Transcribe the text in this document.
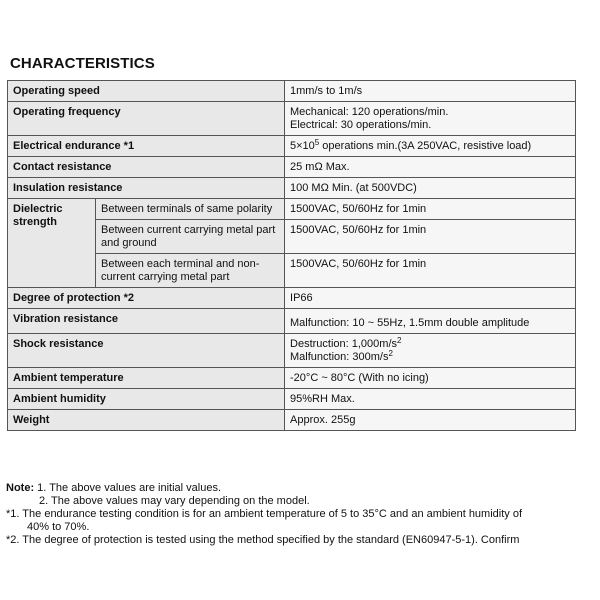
CHARACTERISTICS
Operating speed		1mm/s to 1m/s
Operating frequency		Mechanical: 120 operations/min.
Electrical: 30 operations/min.

Electrical endurance *1		$5\times 10^5$ operations min.(3A 250VAC, resistive load)
Contact resistance		25 mΩ Max.
Insulation resistance		100 MΩ Min. (at 500VDC)

Dielectric
strength	Between terminals of same polarity	1500VAC, 50/60Hz for 1min
	Between current carrying metal part and ground	1500VAC, 50/60Hz for 1min
	Between each terminal and non-current carrying metal part	1500VAC, 50/60Hz for 1min
Degree of protection *2		IP66
Vibration resistance		Malfunction: 10 ~ 55Hz, 1.5mm double amplitude
Shock resistance		Destruction: $1,000m/s^2$
Malfunction: $300m/s^2$

Ambient temperature		-20°C ~ 80°C (With no icing)
Ambient humidity		95%RH Max.
Weight		Approx. 255g
Note: 1. The above values are initial values.
2. The above values may vary depending on the model.
*1. The endurance testing condition is for an ambient temperature of 5 to 35°C and an ambient humidity of
40% to 70%.
*2. The degree of protection is tested using the method specified by the standard (EN60947-5-1). Confirm
